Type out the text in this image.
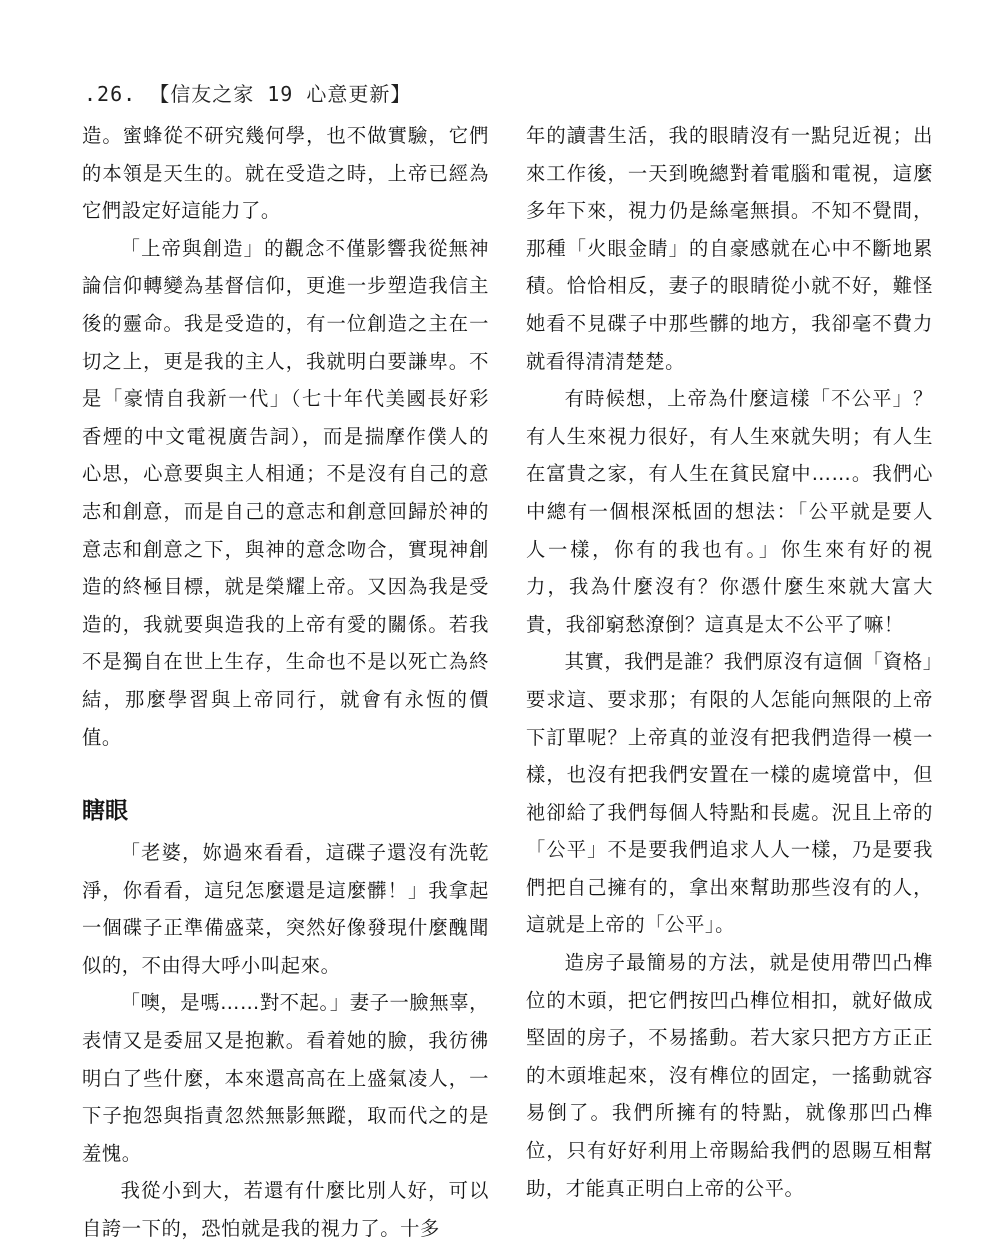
.26. 【信友之家 19 心意更新】

造。蜜蜂從不研究幾何學，也不做實驗，它們的本領是天生的。就在受造之時，上帝已經為它們設定好這能力了。

「上帝與創造」的觀念不僅影響我從無神論信仰轉變為基督信仰，更進一步塑造我信主後的靈命。我是受造的，有一位創造之主在一切之上，更是我的主人，我就明白要謙卑。不是「豪情自我新一代」（七十年代美國長好彩香煙的中文電視廣告詞），而是揣摩作僕人的心思，心意要與主人相通；不是沒有自己的意志和創意，而是自己的意志和創意回歸於神的意志和創意之下，與神的意念吻合，實現神創造的終極目標，就是榮耀上帝。又因為我是受造的，我就要與造我的上帝有愛的關係。若我不是獨自在世上生存，生命也不是以死亡為終結，那麼學習與上帝同行，就會有永恆的價值。

瞎眼

「老婆，妳過來看看，這碟子還沒有洗乾淨，你看看，這兒怎麼還是這麼髒！」我拿起一個碟子正準備盛菜，突然好像發現什麼醜聞似的，不由得大呼小叫起來。

「噢，是嗎……對不起。」妻子一臉無辜，表情又是委屈又是抱歉。看着她的臉，我彷彿明白了些什麼，本來還高高在上盛氣凌人，一下子抱怨與指責忽然無影無蹤，取而代之的是羞愧。

我從小到大，若還有什麼比別人好，可以自誇一下的，恐怕就是我的視力了。十多

年的讀書生活，我的眼睛沒有一點兒近視；出來工作後，一天到晚總對着電腦和電視，這麼多年下來，視力仍是絲毫無損。不知不覺間，那種「火眼金睛」的自豪感就在心中不斷地累積。恰恰相反，妻子的眼睛從小就不好，難怪她看不見碟子中那些髒的地方，我卻毫不費力就看得清清楚楚。

有時候想，上帝為什麼這樣「不公平」？有人生來視力很好，有人生來就失明；有人生在富貴之家，有人生在貧民窟中……。我們心中總有一個根深柢固的想法：「公平就是要人人一樣，你有的我也有。」你生來有好的視力，我為什麼沒有？你憑什麼生來就大富大貴，我卻窮愁潦倒？這真是太不公平了嘛！

其實，我們是誰？我們原沒有這個「資格」要求這、要求那；有限的人怎能向無限的上帝下訂單呢？上帝真的並沒有把我們造得一模一樣，也沒有把我們安置在一樣的處境當中，但祂卻給了我們每個人特點和長處。況且上帝的「公平」不是要我們追求人人一樣，乃是要我們把自己擁有的，拿出來幫助那些沒有的人，這就是上帝的「公平」。

造房子最簡易的方法，就是使用帶凹凸榫位的木頭，把它們按凹凸榫位相扣，就好做成堅固的房子，不易搖動。若大家只把方方正正的木頭堆起來，沒有榫位的固定，一搖動就容易倒了。我們所擁有的特點，就像那凹凸榫位，只有好好利用上帝賜給我們的恩賜互相幫助，才能真正明白上帝的公平。
